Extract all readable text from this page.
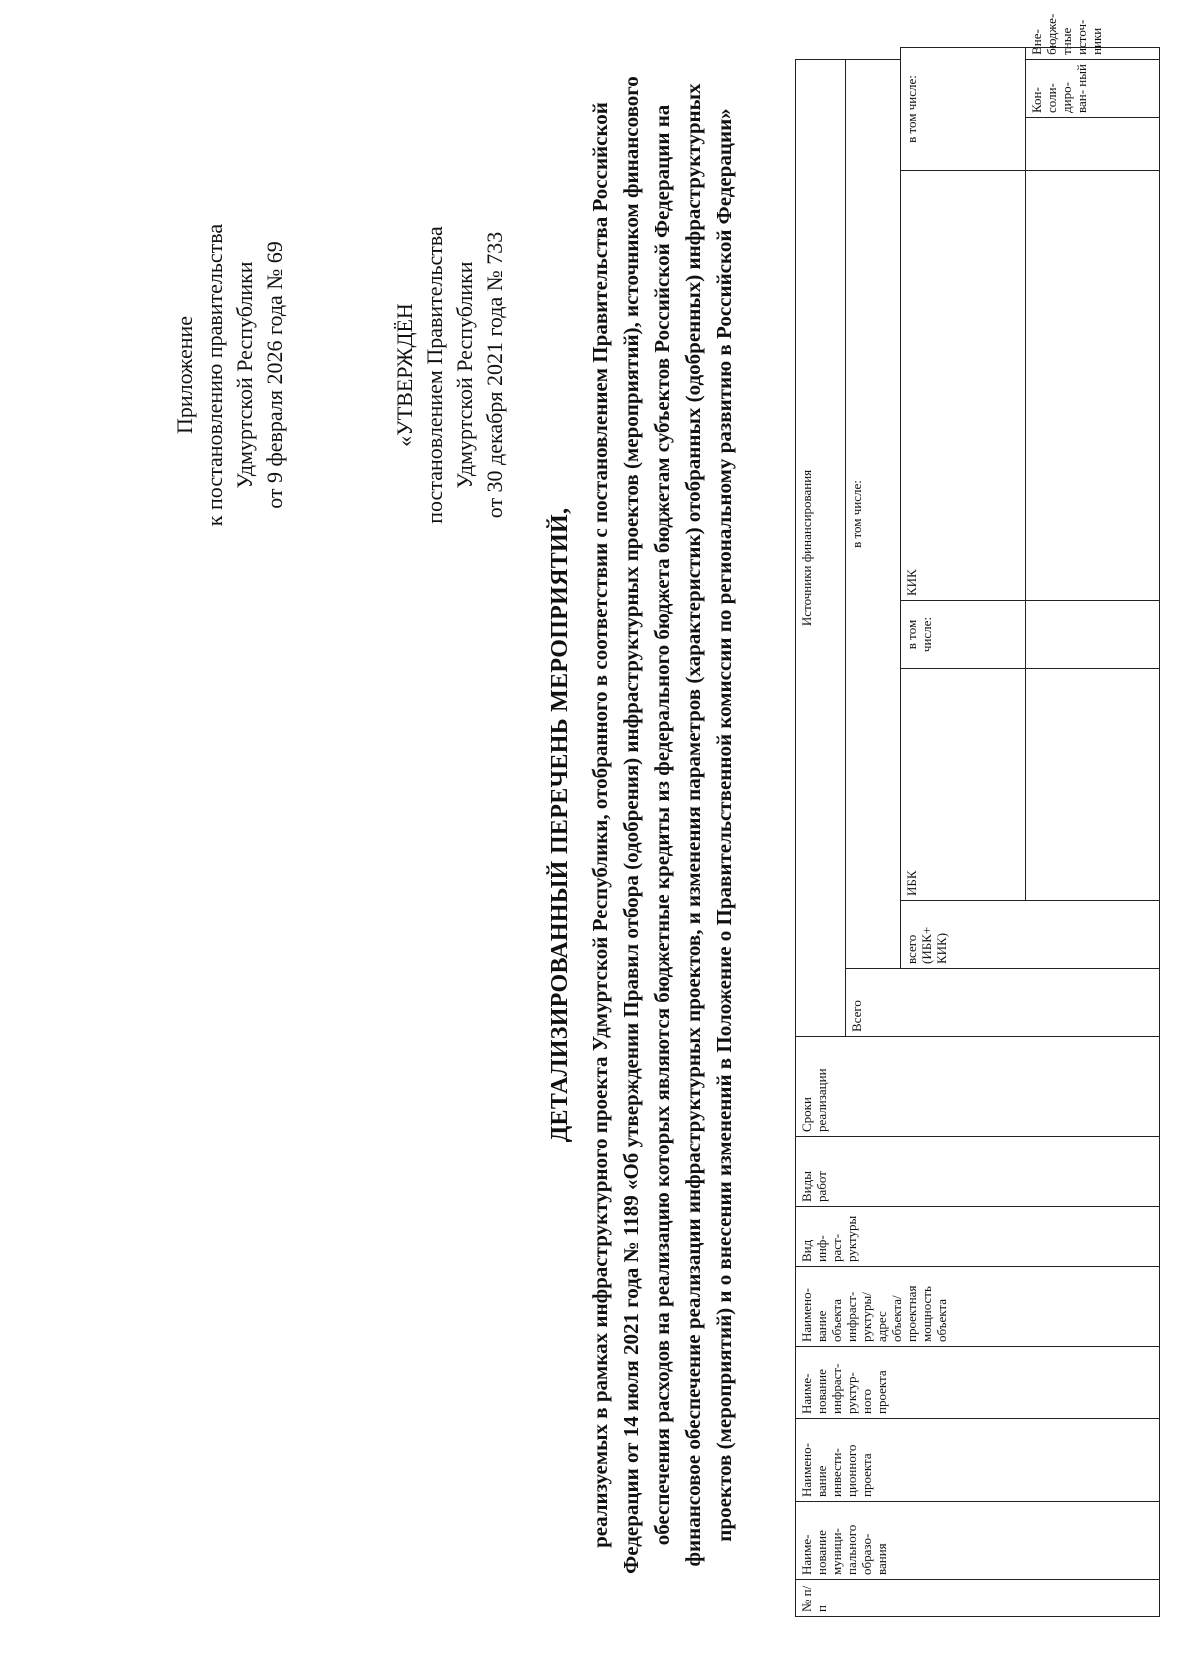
Приложение к постановлению правительства Удмуртской Республики от 9 февраля 2026 года № 69	«УТВЕРЖДЁН постановлением Правительства Удмуртской Республики от 30 декабря 2021 года № 733
ДЕТАЛИЗИРОВАННЫЙ ПЕРЕЧЕНЬ МЕРОПРИЯТИЙ, реализуемых в рамках инфраструктурного проекта Удмуртской Республики, отобранного в соответствии с постановлением Правительства Российской Федерации от 14 июля 2021 года № 1189 «Об утверждении Правил отбора (одобрения) инфраструктурных проектов (мероприятий), источником финансового обеспечения расходов на реализацию которых являются бюджетные кредиты из федерального бюджета бюджетам субъектов Российской Федерации на финансовое обеспечение реализации инфраструктурных проектов, и изменения параметров (характеристик) отобранных (одобренных) инфраструктурных проектов (мероприятий) и о внесении изменений в Положение о Правительственной комиссии по региональному развитию в Российской Федерации»
№ п/п	Наиме- нование муници- пального образо- вания	Наимено- вание инвести- ционного проекта	Наиме- нование инфраст- руктур- ного проекта	Наимено- вание объекта инфраст- руктуры/ адрес объекта/ проектная мощность объекта	Вид инф- раст- руктуры	Виды работ	Сроки реализации	Источники финансирования							
								Всего	в том числе:						
									всего (ИБК+ КИК)	ИБК	в том числе:	КИК	в том числе:		
														Кон- соли- диро- ван- ный	Вне- бюдже- тные источ- ники
